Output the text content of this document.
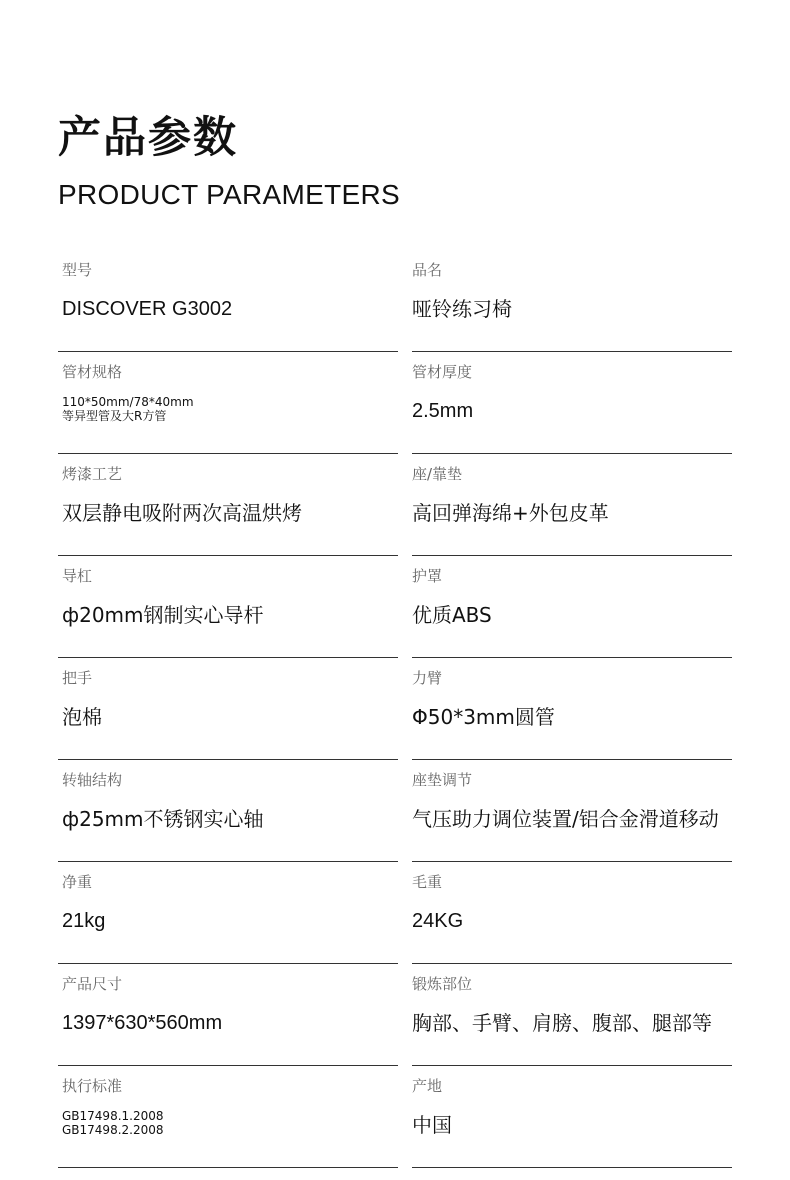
产品参数
PRODUCT PARAMETERS
型号
DISCOVER G3002
品名
哑铃练习椅
管材规格
110*50mm/78*40mm
等异型管及大R方管
管材厚度
2.5mm
烤漆工艺
双层静电吸附两次高温烘烤
座/靠垫
高回弹海绵+外包皮革
导杠
ф20mm钢制实心导杆
护罩
优质ABS
把手
泡棉
力臂
Φ50*3mm圆管
转轴结构
ф25mm不锈钢实心轴
座垫调节
气压助力调位装置/铝合金滑道移动
净重
21kg
毛重
24KG
产品尺寸
1397*630*560mm
锻炼部位
胸部、手臂、肩膀、腹部、腿部等
执行标准
GB17498.1.2008
GB17498.2.2008
产地
中国
